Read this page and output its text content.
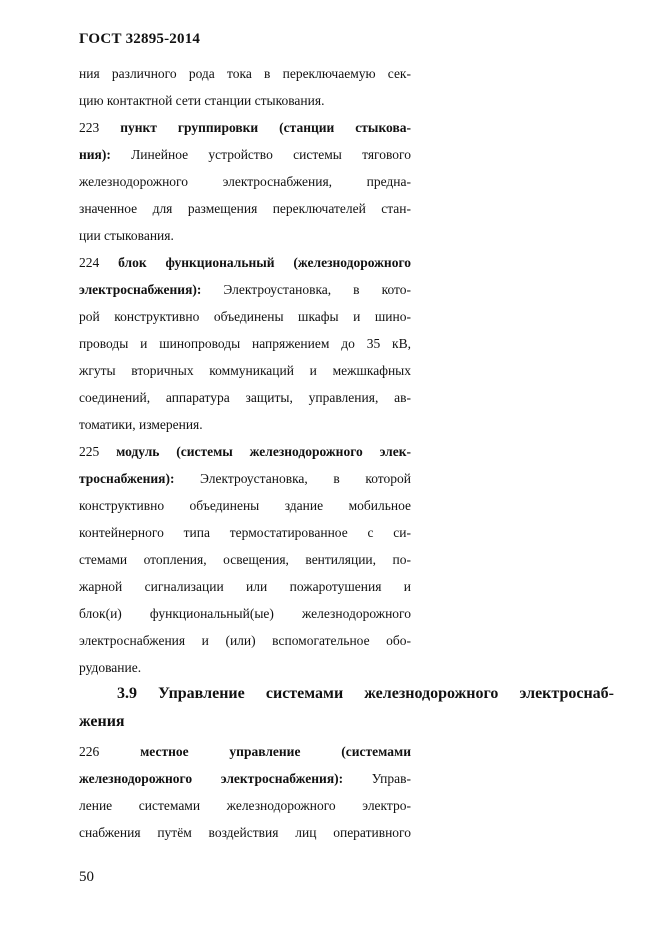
ГОСТ 32895-2014
ния различного рода тока в переключаемую сек-
цию контактной сети станции стыкования.
223 пункт группировки (станции стыкова-
ния): Линейное устройство системы тягового
железнодорожного электроснабжения, предна-
значенное для размещения переключателей стан-
ции стыкования.
224 блок функциональный (железнодорожного
электроснабжения): Электроустановка, в кото-
рой конструктивно объединены шкафы и шино-
проводы и шинопроводы напряжением до 35 кВ,
жгуты вторичных коммуникаций и межшкафных
соединений, аппаратура защиты, управления, ав-
томатики, измерения.
225 модуль (системы железнодорожного элек-
троснабжения): Электроустановка, в которой
конструктивно объединены здание мобильное
контейнерного типа термостатированное с си-
стемами отопления, освещения, вентиляции, по-
жарной сигнализации или пожаротушения и
блок(и) функциональный(ые) железнодорожного
электроснабжения и (или) вспомогательное обо-
рудование.
3.9 Управление системами железнодорожного электроснаб-
жения
226 местное управление (системами
железнодорожного электроснабжения): Управ-
ление системами железнодорожного электро-
снабжения путём воздействия лиц оперативного
50
